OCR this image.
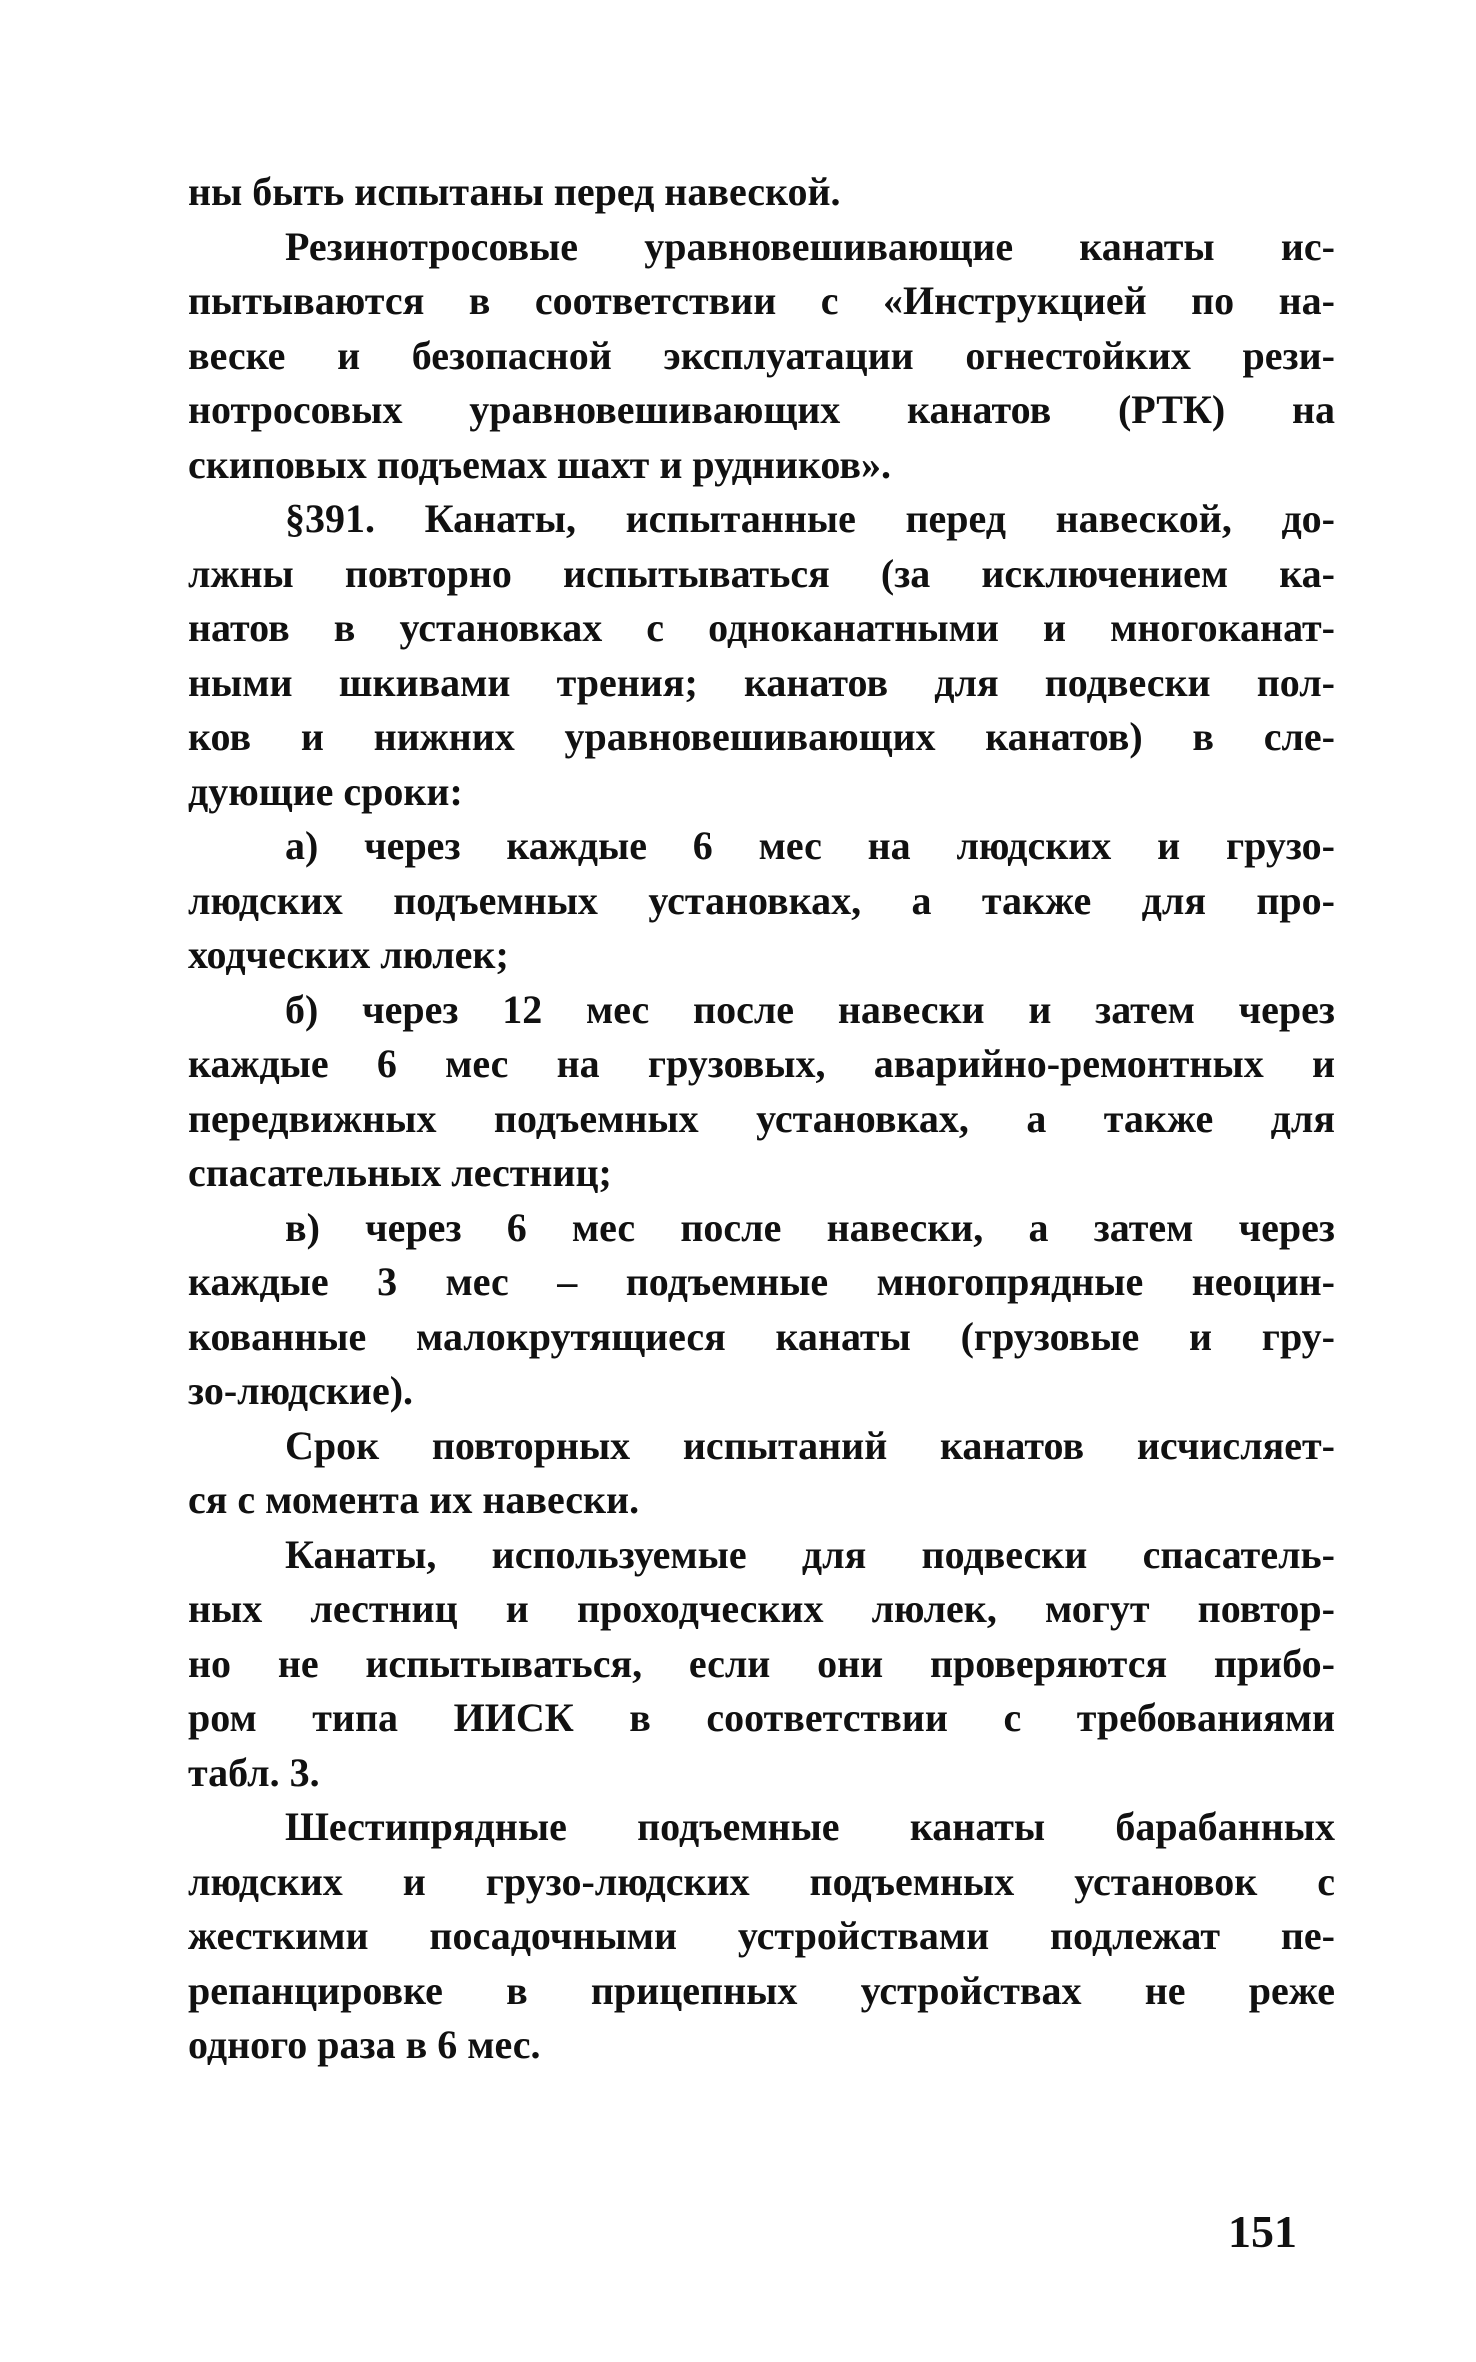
ны быть испытаны перед навеской.
Резинотросовые уравновешивающие канаты ис-
пытываются в соответствии с «Инструкцией по на-
веске и безопасной эксплуатации огнестойких рези-
нотросовых уравновешивающих канатов (РТК) на
скиповых подъемах шахт и рудников».
§391. Канаты, испытанные перед навеской, до-
лжны повторно испытываться (за исключением ка-
натов в установках с одноканатными и многоканат-
ными шкивами трения; канатов для подвески пол-
ков и нижних уравновешивающих канатов) в сле-
дующие сроки:
а) через каждые 6 мес на людских и грузо-
людских подъемных установках, а также для про-
ходческих люлек;
б) через 12 мес после навески и затем через
каждые 6 мес на грузовых, аварийно-ремонтных и
передвижных подъемных установках, а также для
спасательных лестниц;
в) через 6 мес после навески, а затем через
каждые 3 мес – подъемные многопрядные неоцин-
кованные малокрутящиеся канаты (грузовые и гру-
зо-людские).
Срок повторных испытаний канатов исчисляет-
ся с момента их навески.
Канаты, используемые для подвески спасатель-
ных лестниц и проходческих люлек, могут повтор-
но не испытываться, если они проверяются прибо-
ром типа ИИСК в соответствии с требованиями
табл. 3.
Шестипрядные подъемные канаты барабанных
людских и грузо-людских подъемных установок с
жесткими посадочными устройствами подлежат пе-
репанцировке в прицепных устройствах не реже
одного раза в 6 мес.
151
